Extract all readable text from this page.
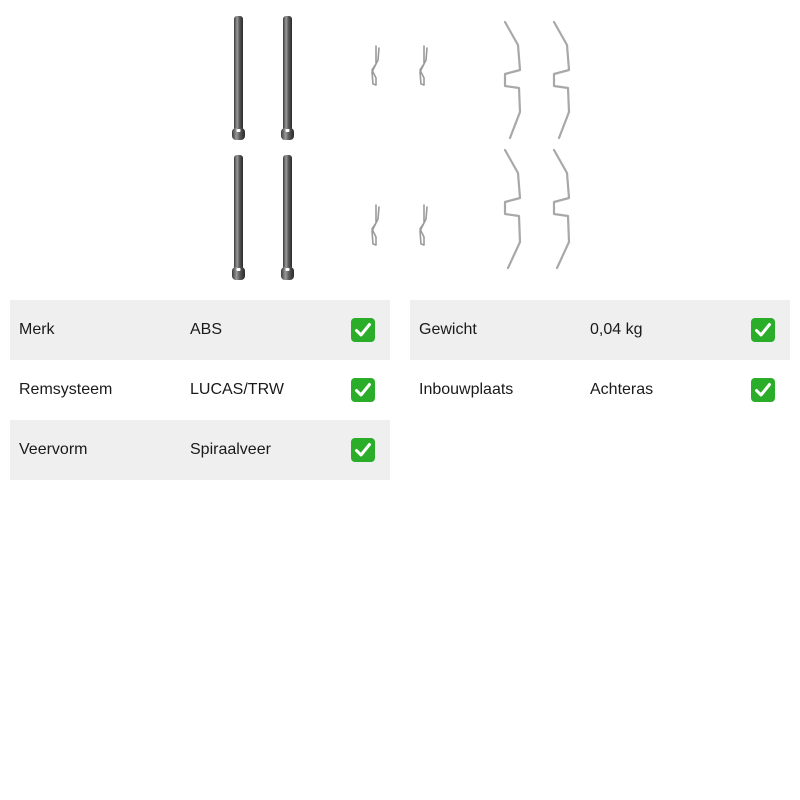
Merk	ABS
Remsysteem	LUCAS/TRW
Veervorm	Spiraalveer
Gewicht	0,04 kg
Inbouwplaats	Achteras
